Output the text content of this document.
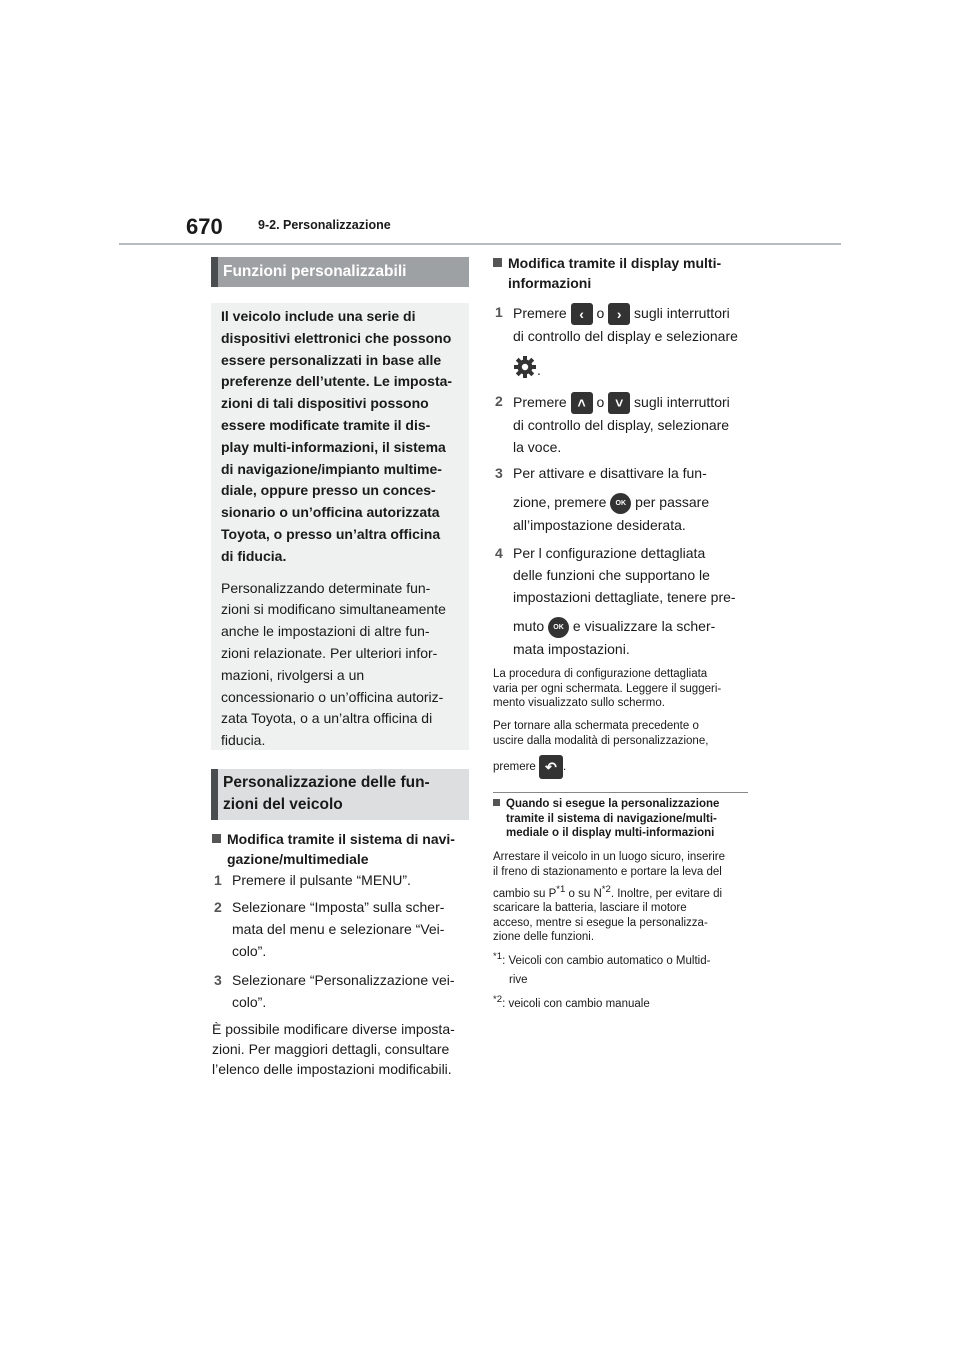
670	9-2. Personalizzazione
Funzioni personalizzabili

Il veicolo include una serie di
dispositivi elettronici che possono
essere personalizzati in base alle
preferenze dell’utente. Le imposta-
zioni di tali dispositivi possono
essere modificate tramite il dis-
play multi-informazioni, il sistema
di navigazione/impianto multime-
diale, oppure presso un conces-
sionario o un’officina autorizzata
Toyota, o presso un’altra officina
di fiducia.

Personalizzando determinate fun-
zioni si modificano simultaneamente
anche le impostazioni di altre fun-
zioni relazionate. Per ulteriori infor-
mazioni, rivolgersi a un
concessionario o un’officina autoriz-
zata Toyota, o a un’altra officina di
fiducia.

Personalizzazione delle fun-
zioni del veicolo
Modifica tramite il sistema di navi-
gazione/multimediale
1 Premere il pulsante “MENU”.
2 Selezionare “Imposta” sulla scher-
mata del menu e selezionare “Vei-
colo”.
3 Selezionare “Personalizzazione vei-
colo”.
È possibile modificare diverse imposta-
zioni. Per maggiori dettagli, consultare
l’elenco delle impostazioni modificabili.
Modifica tramite il display multi-
informazioni
1 Premere ‹ o › sugli interruttori
di controllo del display e selezionare
.
2 Premere ˄ o ˅ sugli interruttori
di controllo del display, selezionare
la voce.
3 Per attivare e disattivare la fun-
zione, premere OK per passare
all’impostazione desiderata.
4 Per l configurazione dettagliata
delle funzioni che supportano le
impostazioni dettagliate, tenere pre-
muto OK e visualizzare la scher-
mata impostazioni.
La procedura di configurazione dettagliata
varia per ogni schermata. Leggere il suggeri-
mento visualizzato sullo schermo.
Per tornare alla schermata precedente o
uscire dalla modalità di personalizzazione,
premere ↶ .
Quando si esegue la personalizzazione
tramite il sistema di navigazione/multi-
mediale o il display multi-informazioni
Arrestare il veicolo in un luogo sicuro, inserire
il freno di stazionamento e portare la leva del
cambio su $P^{*1}$ o su $N^{*2}$. Inoltre, per evitare di
scaricare la batteria, lasciare il motore
acceso, mentre si esegue la personalizza-
zione delle funzioni.
$^{*1}$: Veicoli con cambio automatico o Multid-
rive
$^{*2}$: veicoli con cambio manuale
